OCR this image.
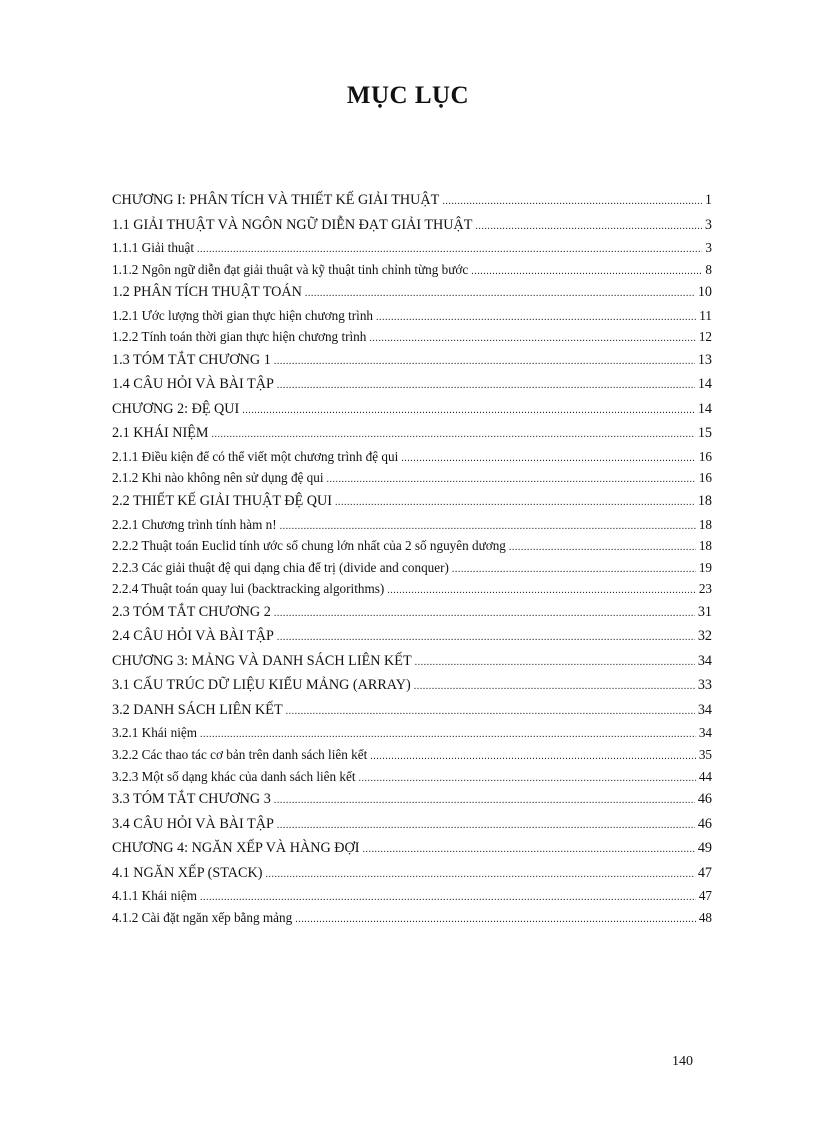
MỤC LỤC
CHƯƠNG I: PHÂN TÍCH VÀ THIẾT KẾ GIẢI THUẬT .....	1
1.1 GIẢI THUẬT VÀ NGÔN NGỮ DIỄN ĐẠT GIẢI THUẬT .....	3
1.1.1 Giải thuật .....	3
1.1.2 Ngôn ngữ diễn đạt giải thuật và kỹ thuật tinh chỉnh từng bước .....	8
1.2 PHÂN TÍCH THUẬT TOÁN .....	10
1.2.1 Ước lượng thời gian thực hiện chương trình .....	11
1.2.2 Tính toán thời gian thực hiện chương trình .....	12
1.3 TÓM TẮT CHƯƠNG 1 .....	13
1.4 CÂU HỎI VÀ BÀI TẬP .....	14
CHƯƠNG 2: ĐỆ QUI .....	14
2.1 KHÁI NIỆM .....	15
2.1.1 Điều kiện để có thể viết một chương trình đệ qui .....	16
2.1.2 Khi nào không nên sử dụng đệ qui .....	16
2.2 THIẾT KẾ GIẢI THUẬT ĐỆ QUI .....	18
2.2.1 Chương trình tính hàm n! .....	18
2.2.2 Thuật toán Euclid tính ước số chung lớn nhất của 2 số nguyên dương .....	18
2.2.3 Các giải thuật đệ qui dạng chia để trị (divide and conquer) .....	19
2.2.4 Thuật toán quay lui (backtracking algorithms) .....	23
2.3 TÓM TẮT CHƯƠNG 2 .....	31
2.4 CÂU HỎI VÀ BÀI TẬP .....	32
CHƯƠNG 3: MẢNG VÀ DANH SÁCH LIÊN KẾT .....	34
3.1 CẤU TRÚC DỮ LIỆU KIỂU MẢNG (ARRAY) .....	33
3.2 DANH SÁCH LIÊN KẾT .....	34
3.2.1 Khái niệm .....	34
3.2.2 Các thao tác cơ bản trên danh sách liên kết .....	35
3.2.3 Một số dạng khác của danh sách liên kết .....	44
3.3 TÓM TẮT CHƯƠNG 3 .....	46
3.4 CÂU HỎI VÀ BÀI TẬP .....	46
CHƯƠNG 4: NGĂN XẾP VÀ HÀNG ĐỢI .....	49
4.1 NGĂN XẾP (STACK) .....	47
4.1.1 Khái niệm .....	47
4.1.2 Cài đặt ngăn xếp bằng mảng .....	48
140
